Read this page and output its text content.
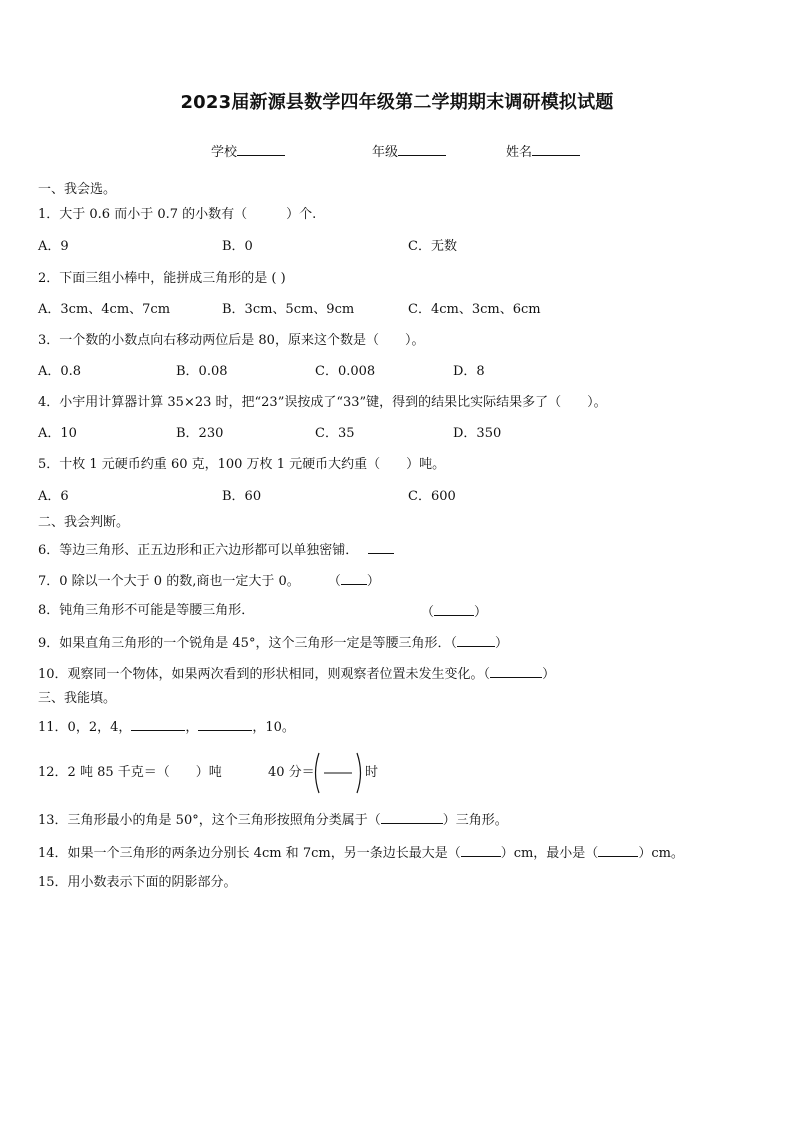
2023届新源县数学四年级第二学期期末调研模拟试题
学校	年级	姓名
一、我会选。
1．大于 0.6 而小于 0.7 的小数有（　　　）个.
A．9	B．0	C．无数
2．下面三组小棒中，能拼成三角形的是 ( )
A．3cm、4cm、7cm	B．3cm、5cm、9cm	C．4cm、3cm、6cm
3．一个数的小数点向右移动两位后是 80，原来这个数是（　　）。
A．0.8	B．0.08	C．0.008	D．8
4．小宇用计算器计算 35×23 时，把“23”误按成了“33”键，得到的结果比实际结果多了（　　）。
A．10	B．230	C．35	D．350
5．十枚 1 元硬币约重 60 克，100 万枚 1 元硬币大约重（　　）吨。
A．6	B．60	C．600
二、我会判断。
6．等边三角形、正五边形和正六边形都可以单独密铺．
7．0 除以一个大于 0 的数,商也一定大于 0。 （ ）
8．钝角三角形不可能是等腰三角形．	（	）
9．如果直角三角形的一个锐角是 45°，这个三角形一定是等腰三角形．（	）
10．观察同一个物体，如果两次看到的形状相同，则观察者位置未发生变化。（	）
三、我能填。
11．0，2，4，	，	，10。
12．2 吨 85 千克＝（　　）吨	40 分＝	时
13．三角形最小的角是 50°，这个三角形按照角分类属于（	）三角形。
14．如果一个三角形的两条边分别长 4cm 和 7cm，另一条边长最大是（	）cm，最小是（	）cm。
15．用小数表示下面的阴影部分。
